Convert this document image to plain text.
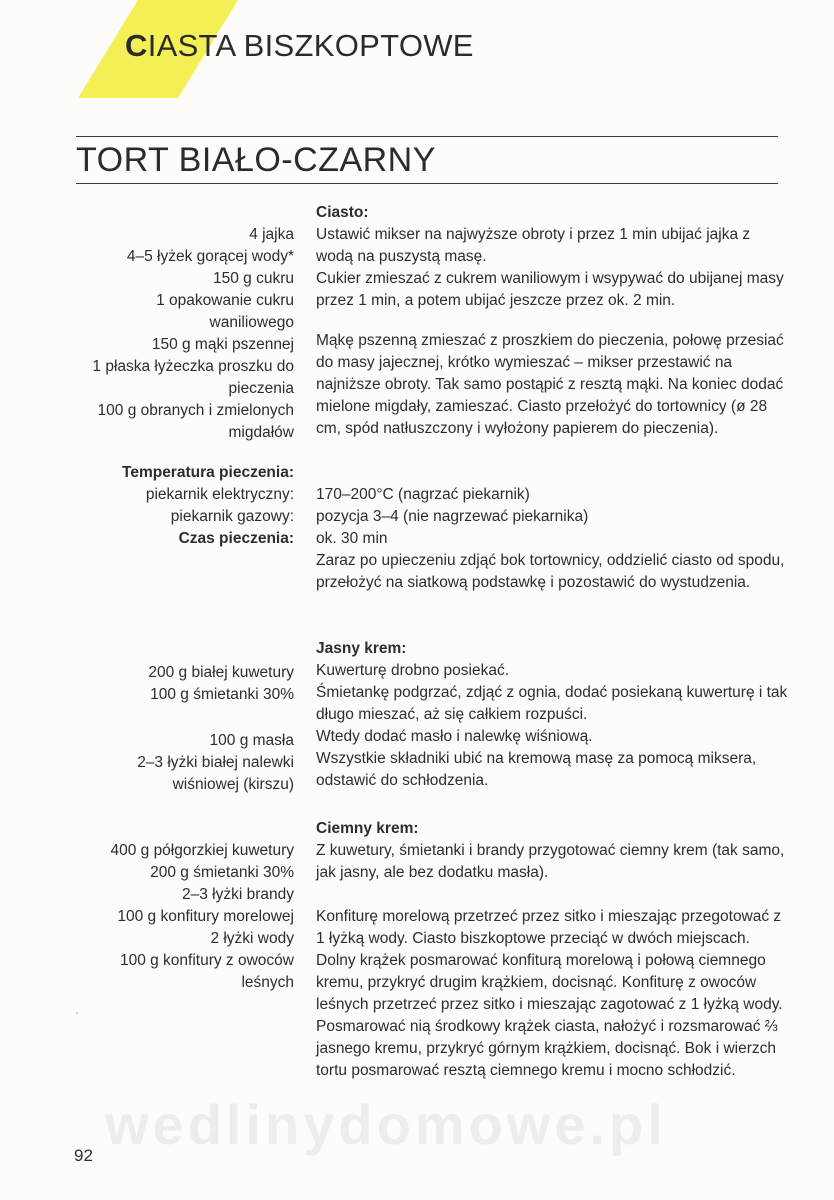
CIASTA BISZKOPTOWE
TORT BIAŁO-CZARNY
4 jajka
4–5 łyżek gorącej wody*
150 g cukru
1 opakowanie cukru
waniliowego
150 g mąki pszennej
1 płaska łyżeczka proszku do
pieczenia
100 g obranych i zmielonych
migdałów
Temperatura pieczenia:
piekarnik elektryczny:
piekarnik gazowy:
Czas pieczenia:
200 g białej kuwetury
100 g śmietanki 30%
100 g masła
2–3 łyżki białej nalewki
wiśniowej (kirszu)
400 g półgorzkiej kuwetury
200 g śmietanki 30%
2–3 łyżki brandy
100 g konfitury morelowej
2 łyżki wody
100 g konfitury z owoców
leśnych
Ciasto:
Ustawić mikser na najwyższe obroty i przez 1 min ubijać jajka z wodą na puszystą masę.
Cukier zmieszać z cukrem waniliowym i wsypywać do ubijanej masy przez 1 min, a potem ubijać jeszcze przez ok. 2 min.
Mąkę pszenną zmieszać z proszkiem do pieczenia, połowę przesiać do masy jajecznej, krótko wymieszać – mikser przestawić na najniższe obroty. Tak samo postąpić z resztą mąki. Na koniec dodać mielone migdały, zamieszać. Ciasto przełożyć do tortownicy (ø 28 cm, spód natłuszczony i wyłożony papierem do pieczenia).
170–200°C (nagrzać piekarnik)
pozycja 3–4 (nie nagrzewać piekarnika)
ok. 30 min
Zaraz po upieczeniu zdjąć bok tortownicy, oddzielić ciasto od spodu, przełożyć na siatkową podstawkę i pozostawić do wystudzenia.
Jasny krem:
Kuwerturę drobno posiekać.
Śmietankę podgrzać, zdjąć z ognia, dodać posiekaną kuwerturę i tak długo mieszać, aż się całkiem rozpuści.
Wtedy dodać masło i nalewkę wiśniową.
Wszystkie składniki ubić na kremową masę za pomocą miksera, odstawić do schłodzenia.
Ciemny krem:
Z kuwetury, śmietanki i brandy przygotować ciemny krem (tak samo, jak jasny, ale bez dodatku masła).
Konfiturę morelową przetrzeć przez sitko i mieszając przegotować z 1 łyżką wody. Ciasto biszkoptowe przeciąć w dwóch miejscach. Dolny krążek posmarować konfiturą morelową i połową ciemnego kremu, przykryć drugim krążkiem, docisnąć. Konfiturę z owoców leśnych przetrzeć przez sitko i mieszając zagotować z 1 łyżką wody. Posmarować nią środkowy krążek ciasta, nałożyć i rozsmarować ⅔ jasnego kremu, przykryć górnym krążkiem, docisnąć. Bok i wierzch tortu posmarować resztą ciemnego kremu i mocno schłodzić.
wedlinydomowe.pl
92
